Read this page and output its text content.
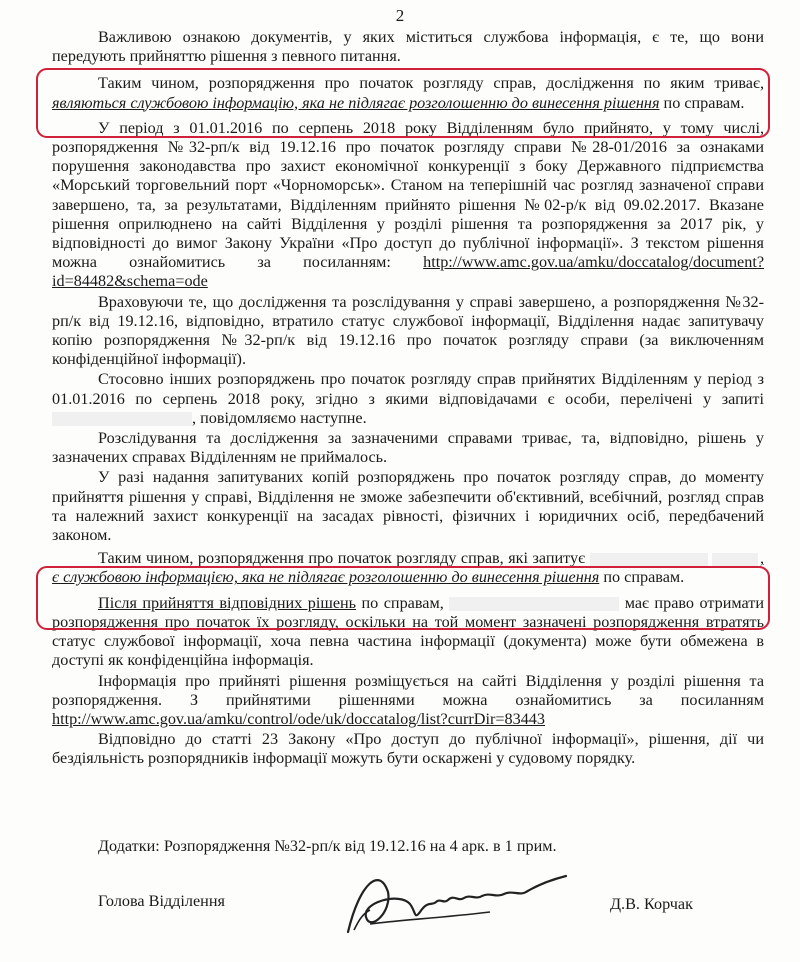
2

Важливою ознакою документів, у яких міститься службова інформація, є те, що вони передують прийняттю рішення з певного питання.

Таким чином, розпорядження про початок розгляду справ, дослідження по яким триває, являються службовою інформацію, яка не підлягає розголошенню до винесення рішення по справам.

У період з 01.01.2016 по серпень 2018 року Відділенням було прийнято, у тому числі, розпорядження №32-рп/к від 19.12.16 про початок розгляду справи №28-01/2016 за ознаками порушення законодавства про захист економічної конкуренції з боку Державного підприємства «Морський торговельний порт «Чорноморськ». Станом на теперішній час розгляд зазначеної справи завершено, та, за результатами, Відділенням прийнято рішення №02-р/к від 09.02.2017. Вказане рішення оприлюднено на сайті Відділення у розділі рішення та розпорядження за 2017 рік, у відповідності до вимог Закону України «Про доступ до публічної інформації». З текстом рішення можна ознайомитись за посиланням: http://www.amc.gov.ua/amku/doccatalog/document?id=84482&schema=ode

Враховуючи те, що дослідження та розслідування у справі завершено, а розпорядження №32-рп/к від 19.12.16, відповідно, втратило статус службової інформації, Відділення надає запитувачу копію розпорядження №32-рп/к від 19.12.16 про початок розгляду справи (за виключенням конфіденційної інформації).

Стосовно інших розпоряджень про початок розгляду справ прийнятих Відділенням у період з 01.01.2016 по серпень 2018 року, згідно з якими відповідачами є особи, перелічені у запиті , повідомляємо наступне.

Розслідування та дослідження за зазначеними справами триває, та, відповідно, рішень у зазначених справах Відділенням не приймалось.

У разі надання запитуваних копій розпоряджень про початок розгляду справ, до моменту прийняття рішення у справі, Відділення не зможе забезпечити об'єктивний, всебічний, розгляд справ та належний захист конкуренції на засадах рівності, фізичних і юридичних осіб, передбачений законом.

Таким чином, розпорядження про початок розгляду справ, які запитує	, є службовою інформацією, яка не підлягає розголошенню до винесення рішення по справам.

Після прийняття відповідних рішень по справам,	має право отримати розпорядження про початок їх розгляду, оскільки на той момент зазначені розпорядження втратять статус службової інформації, хоча певна частина інформації (документа) може бути обмежена в доступі як конфіденційна інформація.

Інформація про прийняті рішення розміщується на сайті Відділення у розділі рішення та розпорядження. З прийнятими рішеннями можна ознайомитись за посиланням http://www.amc.gov.ua/amku/control/ode/uk/doccatalog/list?currDir=83443

Відповідно до статті 23 Закону «Про доступ до публічної інформації», рішення, дії чи бездіяльність розпорядників інформації можуть бути оскаржені у судовому порядку.

Додатки: Розпорядження №32-рп/к від 19.12.16 на 4 арк. в 1 прим.
Голова Відділення	Д.В. Корчак
